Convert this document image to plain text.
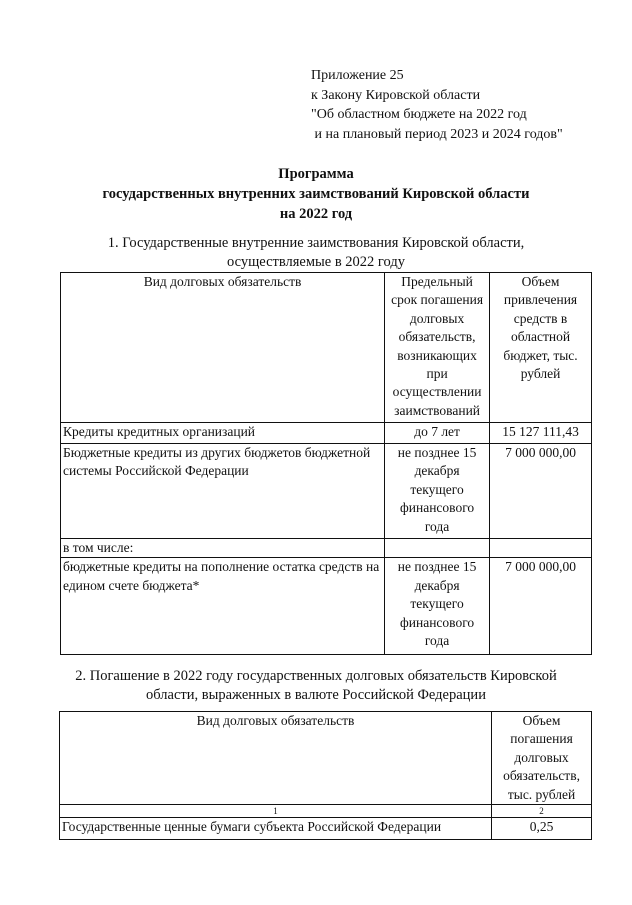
Приложение 25
к Закону Кировской области
"Об областном бюджете на 2022 год
и на плановый период 2023 и 2024 годов"
Программа
государственных внутренних заимствований Кировской области
на 2022 год
1. Государственные внутренние заимствования Кировской области,
осуществляемые в 2022 году
Вид долговых обязательств	Предельный срок погашения долговых обязательств, возникающих при осуществлении заимствований	Объем привлечения средств в областной бюджет, тыс. рублей
Кредиты кредитных организаций	до 7 лет	15 127 111,43
Бюджетные кредиты из других бюджетов бюджетной системы Российской Федерации	не позднее 15 декабря текущего финансового года	7 000 000,00
в том числе:		
бюджетные кредиты на пополнение остатка средств на едином счете бюджета*	не позднее 15 декабря текущего финансового года	7 000 000,00
2. Погашение в 2022 году государственных долговых обязательств Кировской
области, выраженных в валюте Российской Федерации
Вид долговых обязательств	Объем погашения долговых обязательств, тыс. рублей
1	2
Государственные ценные бумаги субъекта Российской Федерации	0,25
